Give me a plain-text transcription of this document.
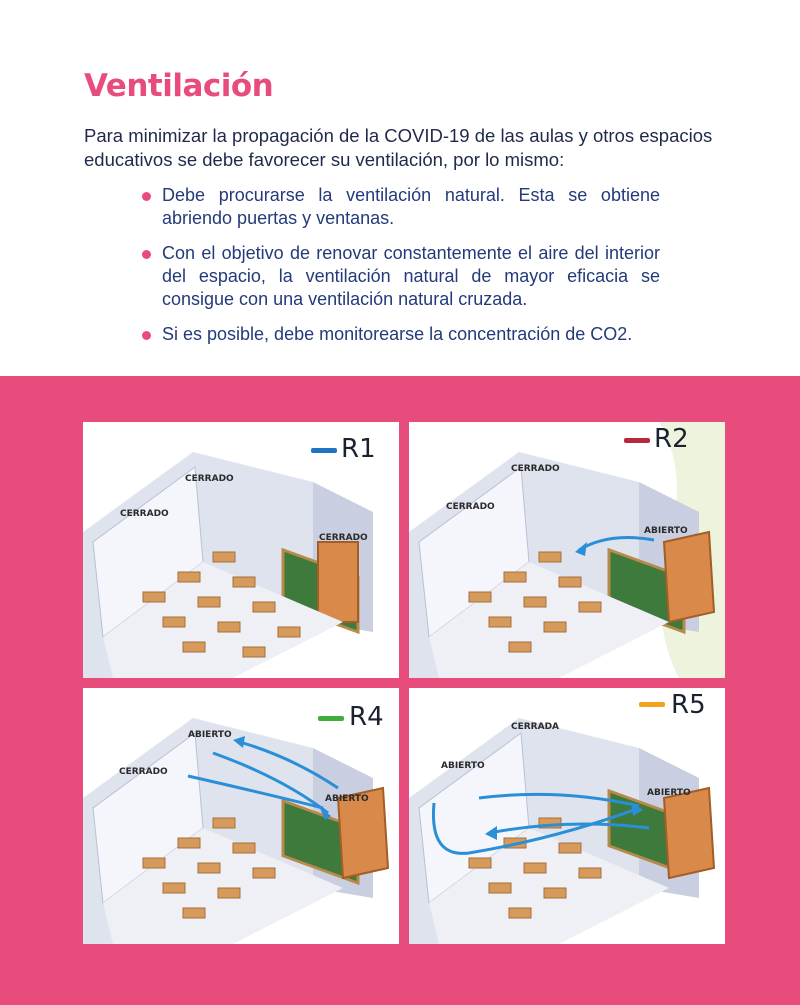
Ventilación
Para minimizar la propagación de la COVID-19 de las aulas y otros espacios educativos se debe favorecer su ventilación, por lo mismo:
Debe procurarse la ventilación natural. Esta se obtiene abriendo puertas y ventanas.
Con el objetivo de renovar constantemente el aire del interior del espacio, la ventilación natural de mayor eficacia se consigue con una ventilación natural cruzada.
Si es posible, debe monitorearse la concentración de CO2.
R1
CERRADO
CERRADO
CERRADO
R2
CERRADO
CERRADO
ABIERTO
R4
ABIERTO
CERRADO
ABIERTO
R5
CERRADA
ABIERTO
ABIERTO
